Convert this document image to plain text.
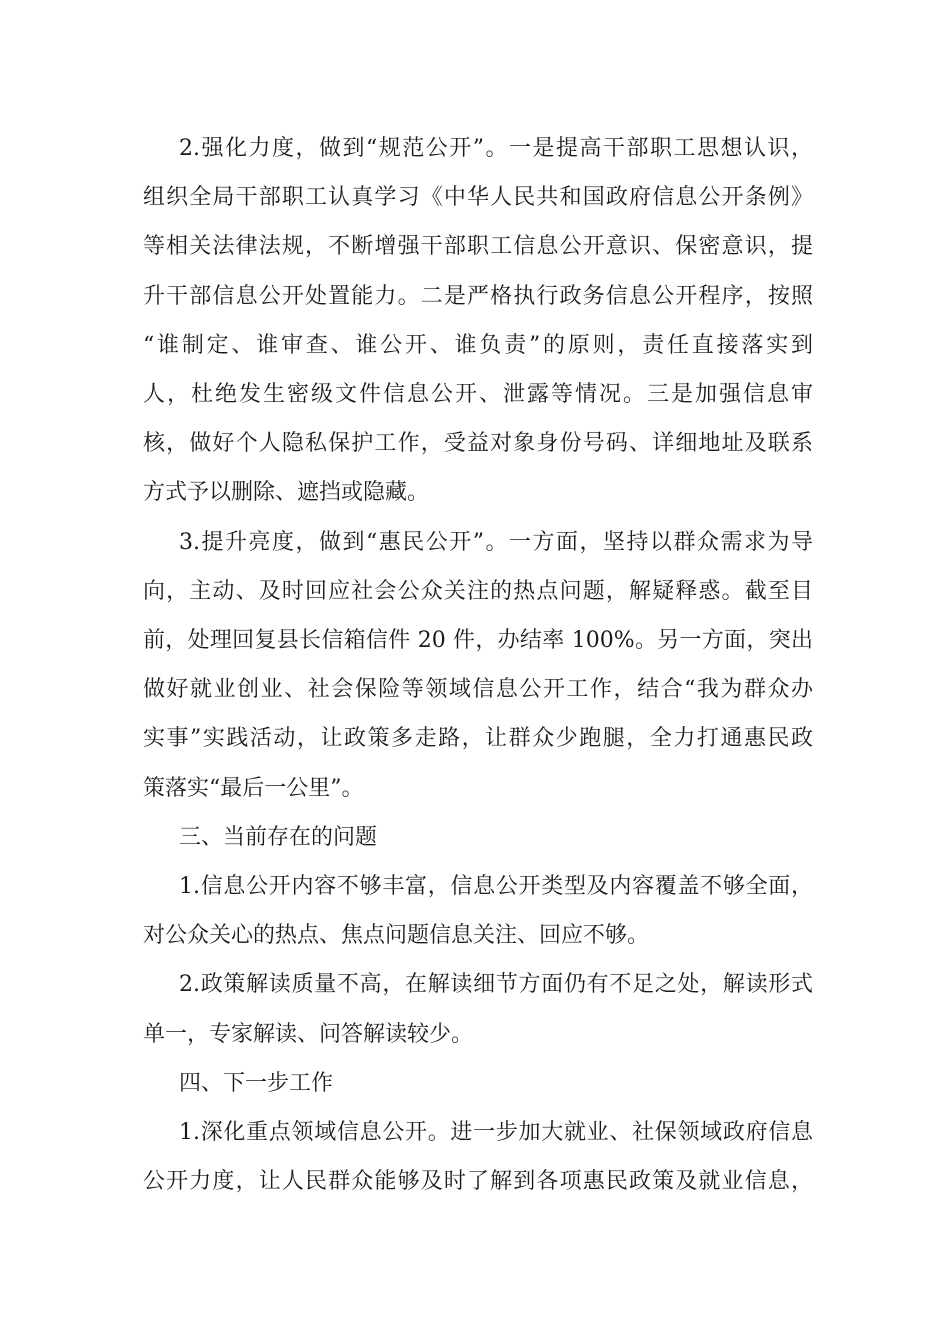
2.强化力度，做到“规范公开”。一是提高干部职工思想认识，
组织全局干部职工认真学习《中华人民共和国政府信息公开条例》
等相关法律法规，不断增强干部职工信息公开意识、保密意识，提
升干部信息公开处置能力。二是严格执行政务信息公开程序，按照
“谁制定、谁审查、谁公开、谁负责”的原则，责任直接落实到
人，杜绝发生密级文件信息公开、泄露等情况。三是加强信息审
核，做好个人隐私保护工作，受益对象身份号码、详细地址及联系
方式予以删除、遮挡或隐藏。
3.提升亮度，做到“惠民公开”。一方面，坚持以群众需求为导
向，主动、及时回应社会公众关注的热点问题，解疑释惑。截至目
前，处理回复县长信箱信件 20 件，办结率 100%。另一方面，突出
做好就业创业、社会保险等领域信息公开工作，结合“我为群众办
实事”实践活动，让政策多走路，让群众少跑腿，全力打通惠民政
策落实“最后一公里”。
三、当前存在的问题
1.信息公开内容不够丰富，信息公开类型及内容覆盖不够全面，
对公众关心的热点、焦点问题信息关注、回应不够。
2.政策解读质量不高，在解读细节方面仍有不足之处，解读形式
单一，专家解读、问答解读较少。
四、下一步工作
1.深化重点领域信息公开。进一步加大就业、社保领域政府信息
公开力度，让人民群众能够及时了解到各项惠民政策及就业信息，
